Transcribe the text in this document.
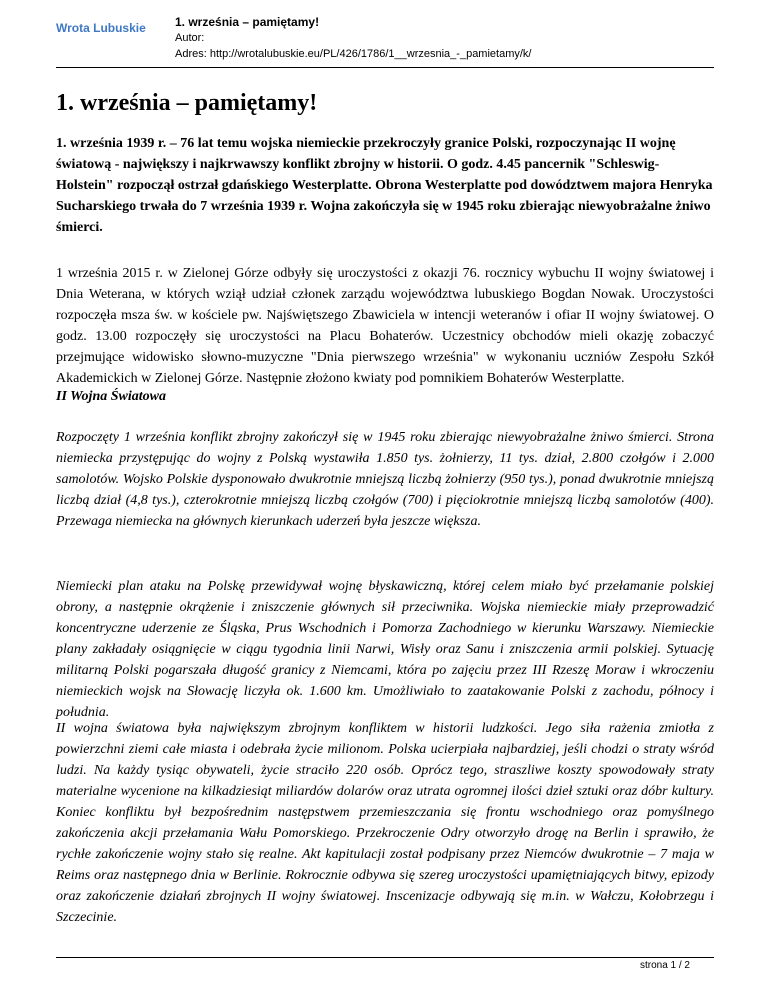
Wrota Lubuskie 1. września – pamiętamy!
Autor:
Adres: http://wrotalubuskie.eu/PL/426/1786/1__wrzesnia_-_pamietamy/k/
1. września – pamiętamy!

1. września 1939 r. – 76 lat temu wojska niemieckie przekroczyły granice Polski, rozpoczynając II wojnę światową - największy i najkrwawszy konflikt zbrojny w historii. O godz. 4.45 pancernik "Schleswig-Holstein" rozpoczął ostrzał gdańskiego Westerplatte. Obrona Westerplatte pod dowództwem majora Henryka Sucharskiego trwała do 7 września 1939 r. Wojna zakończyła się w 1945 roku zbierając niewyobrażalne żniwo śmierci.

1 września 2015 r. w Zielonej Górze odbyły się uroczystości z okazji 76. rocznicy wybuchu II wojny światowej i Dnia Weterana, w których wziął udział członek zarządu województwa lubuskiego Bogdan Nowak. Uroczystości rozpoczęła msza św. w kościele pw. Najświętszego Zbawiciela w intencji weteranów i ofiar II wojny światowej. O godz. 13.00 rozpoczęły się uroczystości na Placu Bohaterów. Uczestnicy obchodów mieli okazję zobaczyć przejmujące widowisko słowno-muzyczne "Dnia pierwszego września" w wykonaniu uczniów Zespołu Szkół Akademickich w Zielonej Górze. Następnie złożono kwiaty pod pomnikiem Bohaterów Westerplatte.

II Wojna Światowa

Rozpoczęty 1 września konflikt zbrojny zakończył się w 1945 roku zbierając niewyobrażalne żniwo śmierci. Strona niemiecka przystępując do wojny z Polską wystawiła 1.850 tys. żołnierzy, 11 tys. dział, 2.800 czołgów i 2.000 samolotów. Wojsko Polskie dysponowało dwukrotnie mniejszą liczbą żołnierzy (950 tys.), ponad dwukrotnie mniejszą liczbą dział (4,8 tys.), czterokrotnie mniejszą liczbą czołgów (700) i pięciokrotnie mniejszą liczbą samolotów (400). Przewaga niemiecka na głównych kierunkach uderzeń była jeszcze większa.

Niemiecki plan ataku na Polskę przewidywał wojnę błyskawiczną, której celem miało być przełamanie polskiej obrony, a następnie okrążenie i zniszczenie głównych sił przeciwnika. Wojska niemieckie miały przeprowadzić koncentryczne uderzenie ze Śląska, Prus Wschodnich i Pomorza Zachodniego w kierunku Warszawy. Niemieckie plany zakładały osiągnięcie w ciągu tygodnia linii Narwi, Wisły oraz Sanu i zniszczenia armii polskiej. Sytuację militarną Polski pogarszała długość granicy z Niemcami, która po zajęciu przez III Rzeszę Moraw i wkroczeniu niemieckich wojsk na Słowację liczyła ok. 1.600 km. Umożliwiało to zaatakowanie Polski z zachodu, północy i południa.

II wojna światowa była największym zbrojnym konfliktem w historii ludzkości. Jego siła rażenia zmiotła z powierzchni ziemi całe miasta i odebrała życie milionom. Polska ucierpiała najbardziej, jeśli chodzi o straty wśród ludzi. Na każdy tysiąc obywateli, życie straciło 220 osób. Oprócz tego, straszliwe koszty spowodowały straty materialne wycenione na kilkadziesiąt miliardów dolarów oraz utrata ogromnej ilości dzieł sztuki oraz dóbr kultury. Koniec konfliktu był bezpośrednim następstwem przemieszczania się frontu wschodniego oraz pomyślnego zakończenia akcji przełamania Wału Pomorskiego. Przekroczenie Odry otworzyło drogę na Berlin i sprawiło, że rychłe zakończenie wojny stało się realne. Akt kapitulacji został podpisany przez Niemców dwukrotnie – 7 maja w Reims oraz następnego dnia w Berlinie. Rokrocznie odbywa się szereg uroczystości upamiętniających bitwy, epizody oraz zakończenie działań zbrojnych II wojny światowej. Inscenizacje odbywają się m.in. w Wałczu, Kołobrzegu i Szczecinie.

strona 1 / 2
